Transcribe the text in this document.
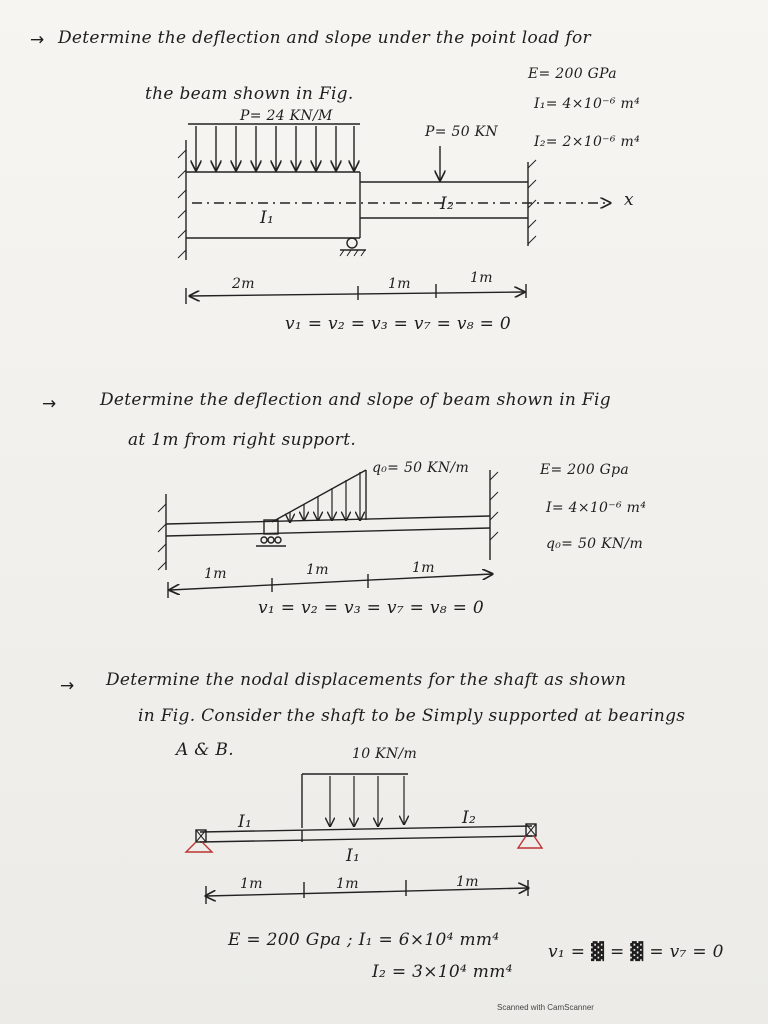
→ Determine the deflection and slope under the point load for
the beam shown in Fig.
E= 200 GPa
I₁= 4×10⁻⁶ m⁴
I₂= 2×10⁻⁶ m⁴
P= 24 KN/M
P= 50 KN
I₁
I₂	x
2m	1m	1m
v₁ = v₂ = v₃ = v₇ = v₈ = 0
→	Determine the deflection and slope of beam shown in Fig
at 1m from right support.
q₀= 50 KN/m	E= 200 Gpa
I= 4×10⁻⁶ m⁴
q₀= 50 KN/m
1m	1m	1m
v₁ = v₂ = v₃ = v₇ = v₈ = 0
→ Determine the nodal displacements for the shaft as shown
in Fig. Consider the shaft to be Simply supported at bearings
A & B.	10 KN/m
I₁
I₁
I₂
1m	1m	1m
E = 200 Gpa ; I₁ = 6×10⁴ mm⁴
I₂ = 3×10⁴ mm⁴
v₁ = ▓ = ▓ = v₇ = 0
Scanned with CamScanner
